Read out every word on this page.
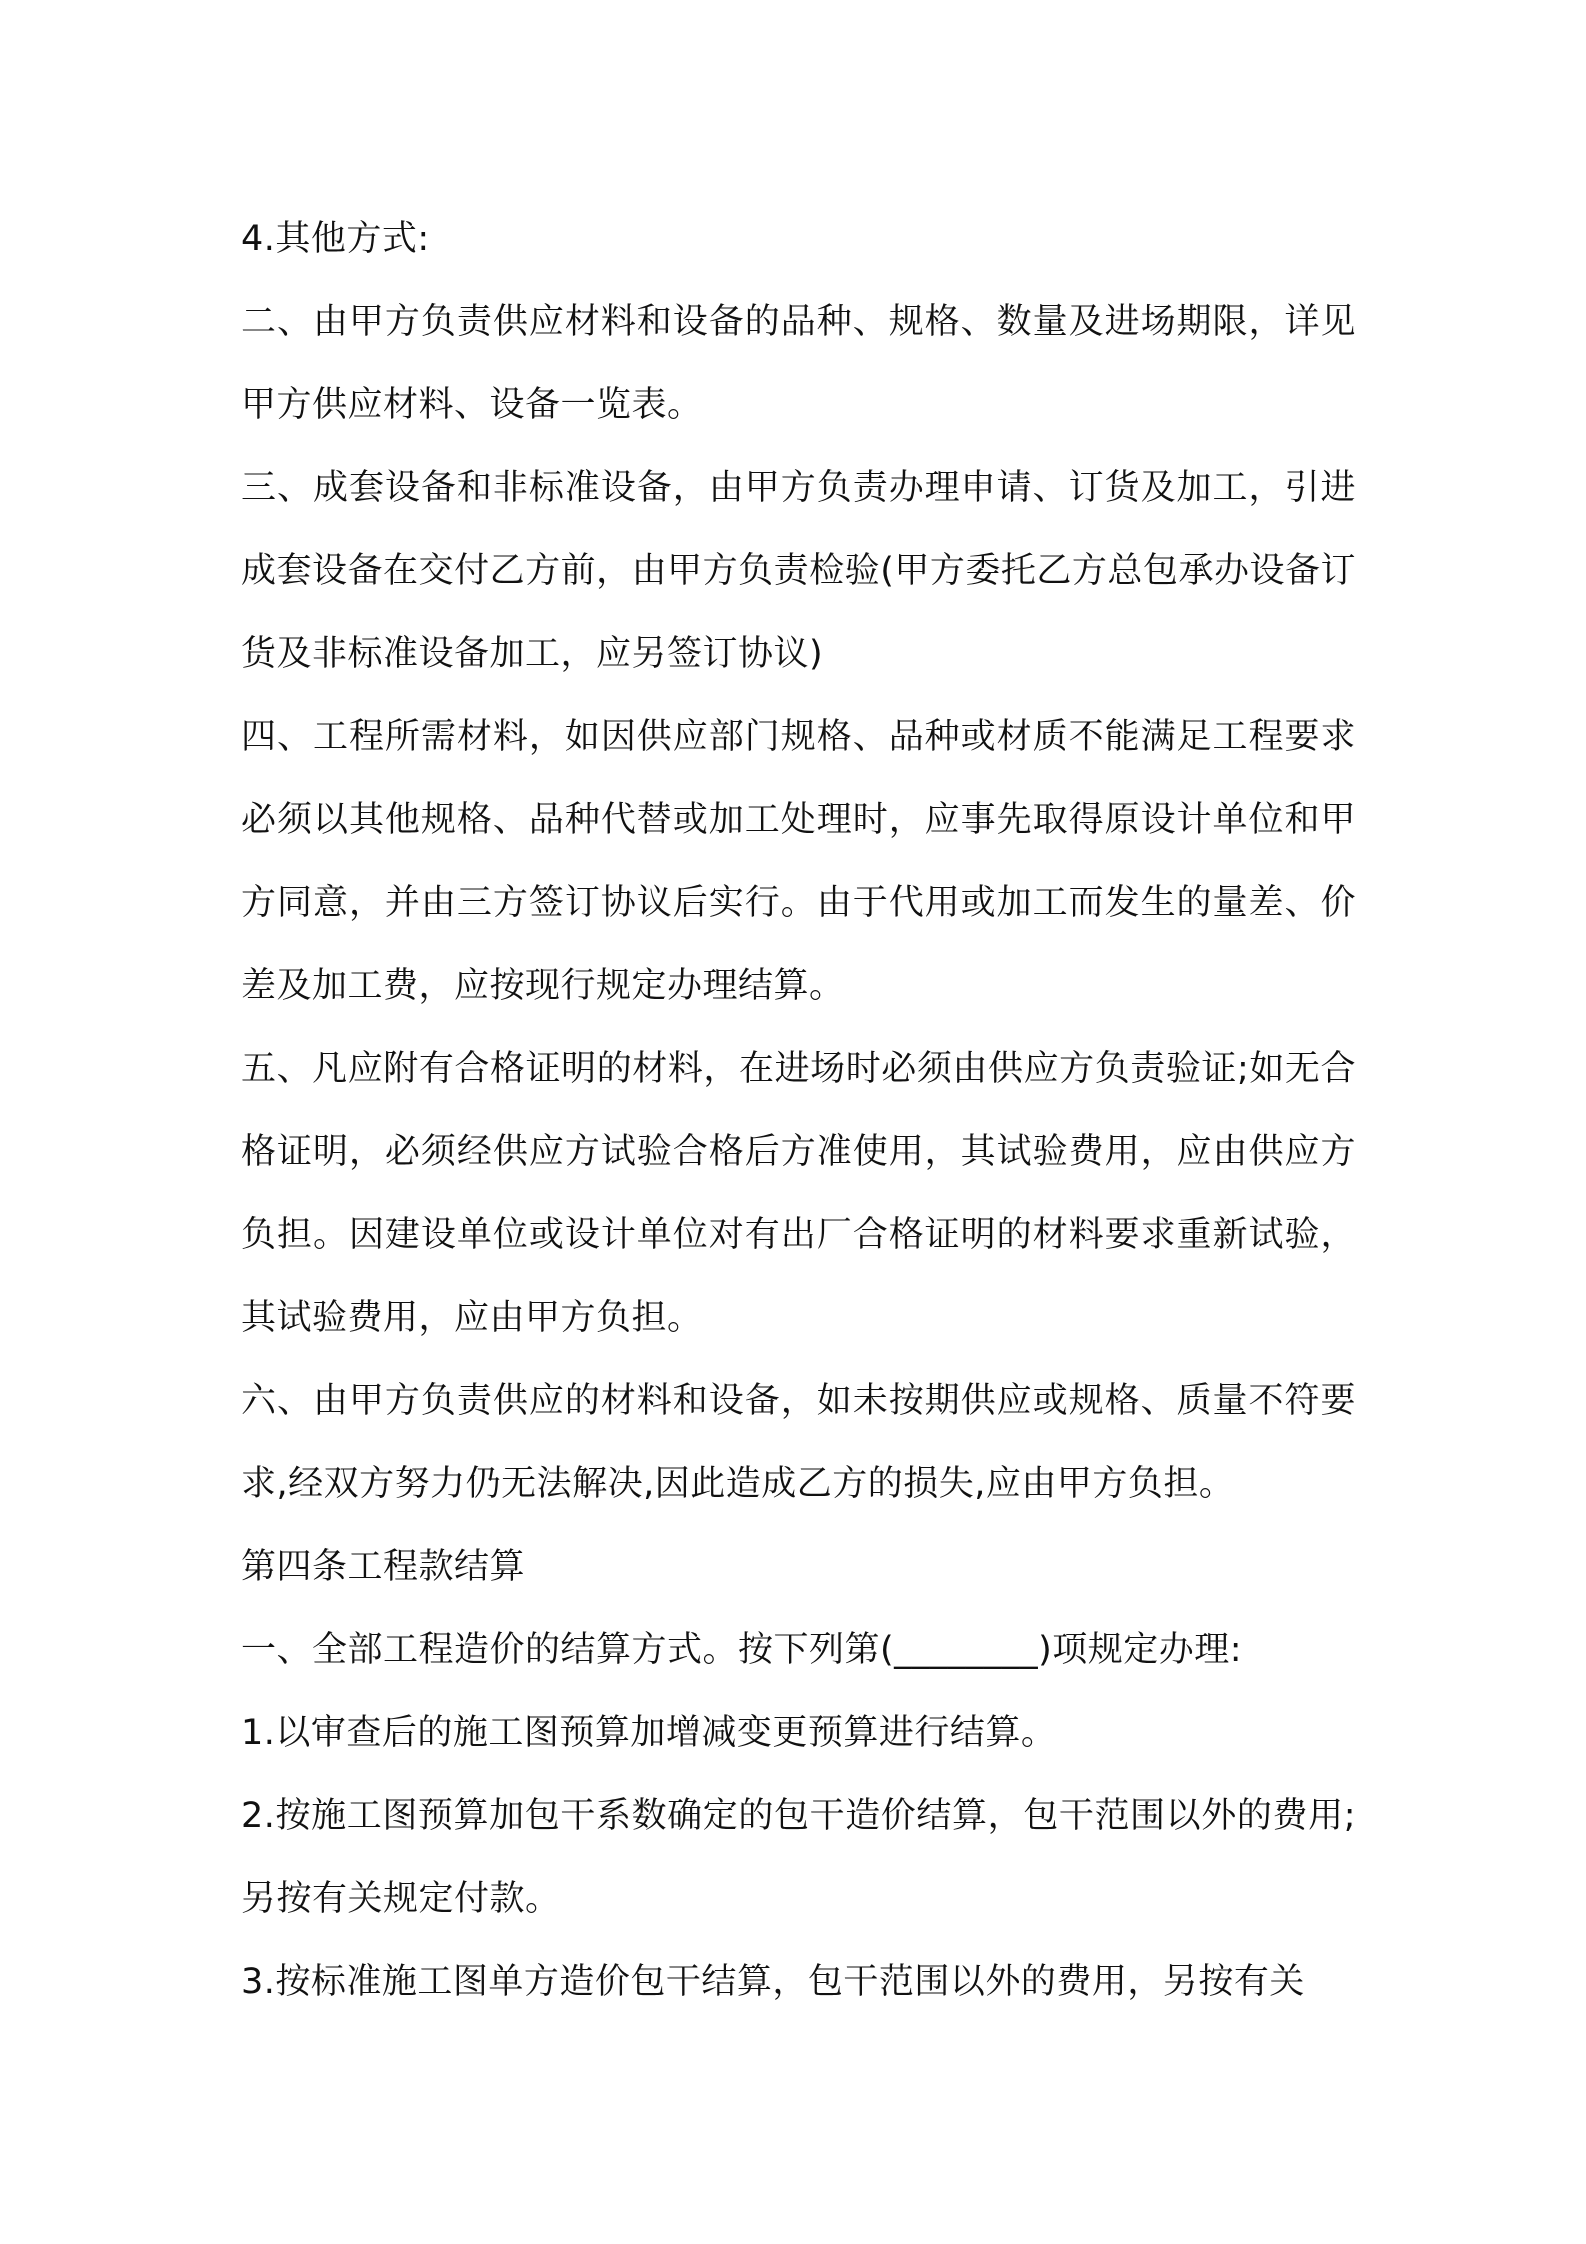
4.其他方式:

二、由甲方负责供应材料和设备的品种、规格、数量及进场期限，详见甲方供应材料、设备一览表。

三、成套设备和非标准设备，由甲方负责办理申请、订货及加工，引进成套设备在交付乙方前，由甲方负责检验(甲方委托乙方总包承办设备订货及非标准设备加工，应另签订协议)

四、工程所需材料，如因供应部门规格、品种或材质不能满足工程要求必须以其他规格、品种代替或加工处理时，应事先取得原设计单位和甲方同意，并由三方签订协议后实行。由于代用或加工而发生的量差、价差及加工费，应按现行规定办理结算。

五、凡应附有合格证明的材料，在进场时必须由供应方负责验证;如无合格证明，必须经供应方试验合格后方准使用，其试验费用，应由供应方负担。因建设单位或设计单位对有出厂合格证明的材料要求重新试验，其试验费用，应由甲方负担。

六、由甲方负责供应的材料和设备，如未按期供应或规格、质量不符要求,经双方努力仍无法解决,因此造成乙方的损失,应由甲方负担。

第四条工程款结算

一、全部工程造价的结算方式。按下列第(________)项规定办理:

1.以审查后的施工图预算加增减变更预算进行结算。

2.按施工图预算加包干系数确定的包干造价结算，包干范围以外的费用;另按有关规定付款。

3.按标准施工图单方造价包干结算，包干范围以外的费用，另按有关
